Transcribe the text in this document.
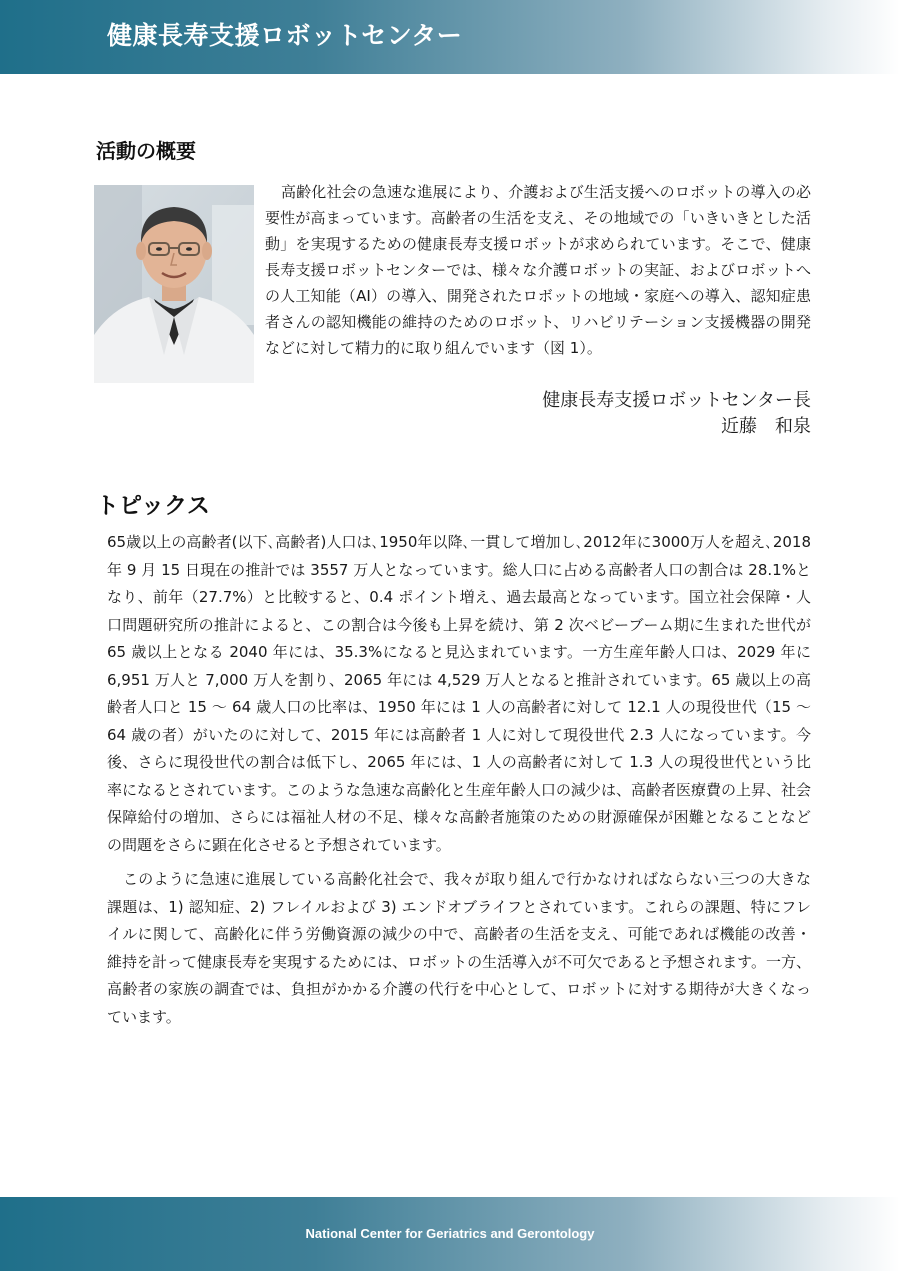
健康長寿支援ロボットセンター
活動の概要

高齢化社会の急速な進展により、介護および生活支援へのロボットの導入の必要性が高まっています。高齢者の生活を支え、その地域での「いきいきとした活動」を実現するための健康長寿支援ロボットが求められています。そこで、健康長寿支援ロボットセンターでは、様々な介護ロボットの実証、およびロボットへの人工知能（AI）の導入、開発されたロボットの地域・家庭への導入、認知症患者さんの認知機能の維持のためのロボット、リハビリテーション支援機器の開発などに対して精力的に取り組んでいます（図 1）。

健康長寿支援ロボットセンター長
近藤　和泉
トピックス

65歳以上の高齢者(以下､高齢者)人口は､1950年以降､一貫して増加し､2012年に3000万人を超え､2018 年 9 月 15 日現在の推計では 3557 万人となっています。総人口に占める高齢者人口の割合は 28.1%となり、前年（27.7%）と比較すると、0.4 ポイント増え、過去最高となっています。国立社会保障・人口問題研究所の推計によると、この割合は今後も上昇を続け、第 2 次ベビーブーム期に生まれた世代が 65 歳以上となる 2040 年には、35.3%になると見込まれています。一方生産年齢人口は、2029 年に 6,951 万人と 7,000 万人を割り、2065 年には 4,529 万人となると推計されています。65 歳以上の高齢者人口と 15 ～ 64 歳人口の比率は、1950 年には 1 人の高齢者に対して 12.1 人の現役世代（15 ～ 64 歳の者）がいたのに対して、2015 年には高齢者 1 人に対して現役世代 2.3 人になっています。今後、さらに現役世代の割合は低下し、2065 年には、1 人の高齢者に対して 1.3 人の現役世代という比率になるとされています。このような急速な高齢化と生産年齢人口の減少は、高齢者医療費の上昇、社会保障給付の増加、さらには福祉人材の不足、様々な高齢者施策のための財源確保が困難となることなどの問題をさらに顕在化させると予想されています。

このように急速に進展している高齢化社会で、我々が取り組んで行かなければならない三つの大きな課題は、1) 認知症、2) フレイルおよび 3) エンドオブライフとされています。これらの課題、特にフレイルに関して、高齢化に伴う労働資源の減少の中で、高齢者の生活を支え、可能であれば機能の改善・維持を計って健康長寿を実現するためには、ロボットの生活導入が不可欠であると予想されます。一方、高齢者の家族の調査では、負担がかかる介護の代行を中心として、ロボットに対する期待が大きくなっています。

National Center for Geriatrics and Gerontology
